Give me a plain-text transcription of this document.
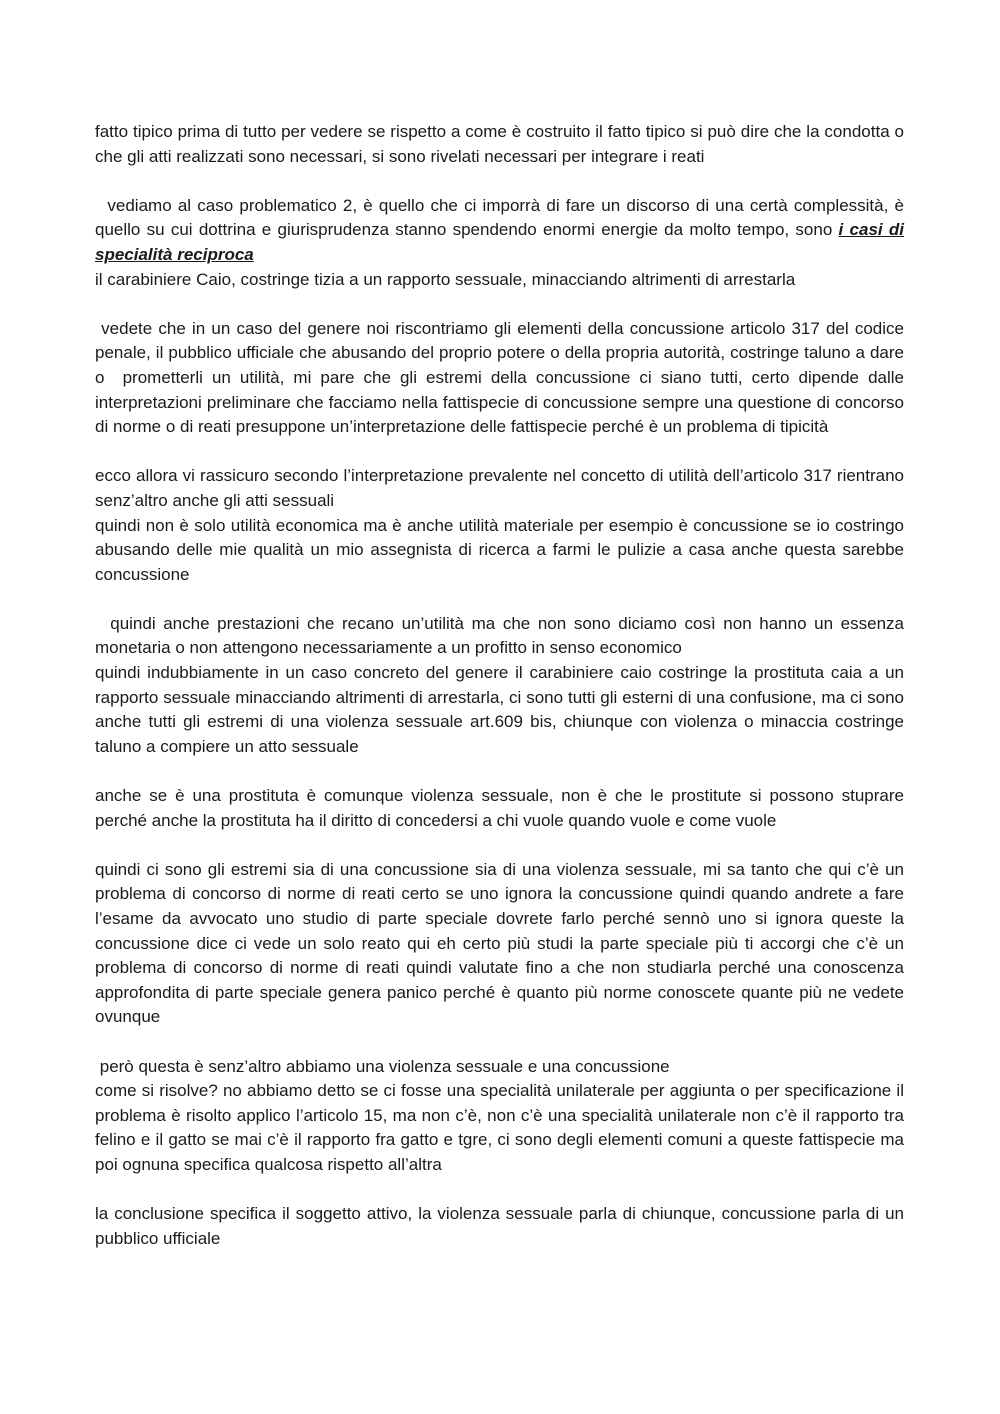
fatto tipico prima di tutto per vedere se rispetto a come è costruito il fatto tipico si può dire che la condotta o che gli atti realizzati sono necessari, si sono rivelati necessari per integrare i reati

vediamo al caso problematico 2, è quello che ci imporrà di fare un discorso di una certà complessità, è quello su cui dottrina e giurisprudenza stanno spendendo enormi energie da molto tempo, sono i casi di specialità reciproca

il carabiniere Caio, costringe tizia a un rapporto sessuale, minacciando altrimenti di arrestarla

vedete che in un caso del genere noi riscontriamo gli elementi della concussione articolo 317 del codice penale, il pubblico ufficiale che abusando del proprio potere o della propria autorità, costringe taluno a dare o  prometterli un utilità, mi pare che gli estremi della concussione ci siano tutti, certo dipende dalle interpretazioni preliminare che facciamo nella fattispecie di concussione sempre una questione di concorso di norme o di reati presuppone un’interpretazione delle fattispecie perché è un problema di tipicità

ecco allora vi rassicuro secondo l’interpretazione prevalente nel concetto di utilità dell’articolo 317 rientrano senz’altro anche gli atti sessuali

quindi non è solo utilità economica ma è anche utilità materiale per esempio è concussione se io costringo abusando delle mie qualità un mio assegnista di ricerca a farmi le pulizie a casa anche questa sarebbe concussione

quindi anche prestazioni che recano un’utilità ma che non sono diciamo così non hanno un essenza monetaria o non attengono necessariamente a un profitto in senso economico

quindi indubbiamente in un caso concreto del genere il carabiniere caio costringe la prostituta caia a un rapporto sessuale minacciando altrimenti di arrestarla, ci sono tutti gli esterni di una confusione, ma ci sono anche tutti gli estremi di una violenza sessuale art.609 bis, chiunque con violenza o minaccia costringe taluno a compiere un atto sessuale

anche se è una prostituta è comunque violenza sessuale, non è che le prostitute si possono stuprare perché anche la prostituta ha il diritto di concedersi a chi vuole quando vuole e come vuole

quindi ci sono gli estremi sia di una concussione sia di una violenza sessuale, mi sa tanto che qui c’è un problema di concorso di norme di reati certo se uno ignora la concussione quindi quando andrete a fare l’esame da avvocato uno studio di parte speciale dovrete farlo perché sennò uno si ignora queste la concussione dice ci vede un solo reato qui eh certo più studi la parte speciale più ti accorgi che c’è un problema di concorso di norme di reati quindi valutate fino a che non studiarla perché una conoscenza approfondita di parte speciale genera panico perché è quanto più norme conoscete quante più ne vedete ovunque

però questa è senz’altro abbiamo una violenza sessuale e una concussione

come si risolve? no abbiamo detto se ci fosse una specialità unilaterale per aggiunta o per specificazione il problema è risolto applico l’articolo 15, ma non c’è, non c’è una specialità unilaterale non c’è il rapporto tra felino e il gatto se mai c’è il rapporto fra gatto e tgre, ci sono degli elementi comuni a queste fattispecie ma poi ognuna specifica qualcosa rispetto all’altra

la conclusione specifica il soggetto attivo, la violenza sessuale parla di chiunque, concussione parla di un pubblico ufficiale
